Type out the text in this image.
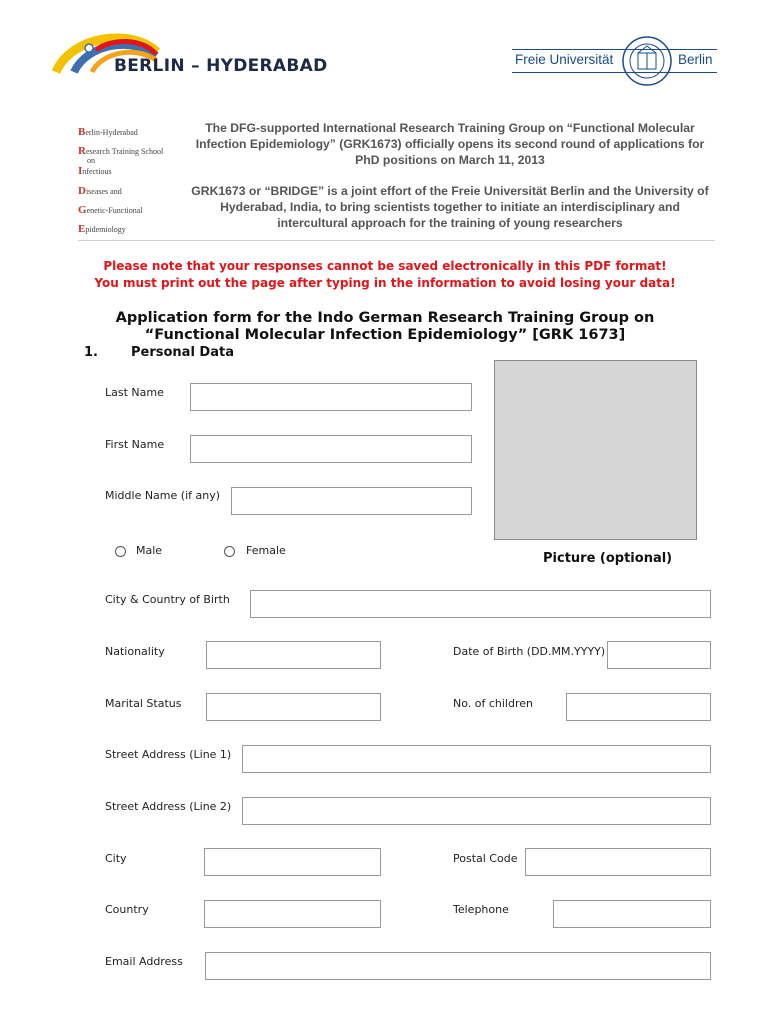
BERLIN – HYDERABAD	Freie Universität	Berlin
Berlin-Hyderabad
Research Training School
on
Infectious
Diseases and
Genetic-Functional
Epidemiology
The DFG-supported International Research Training Group on “Functional Molecular Infection Epidemiology” (GRK1673) officially opens its second round of applications for PhD positions on March 11, 2013
GRK1673 or “BRIDGE” is a joint effort of the Freie Universität Berlin and the University of Hyderabad, India, to bring scientists together to initiate an interdisciplinary and intercultural approach for the training of young researchers
Please note that your responses cannot be saved electronically in this PDF format!
You must print out the page after typing in the information to avoid losing your data!
Application form for the Indo German Research Training Group on
“Functional Molecular Infection Epidemiology” [GRK 1673]
1.	Personal Data
Picture (optional)
Last Name
First Name
Middle Name (if any)
Male	Female
City & Country of Birth
Nationality	Date of Birth (DD.MM.YYYY)
Marital Status	No. of children
Street Address (Line 1)
Street Address (Line 2)
City	Postal Code
Country	Telephone
Email Address
